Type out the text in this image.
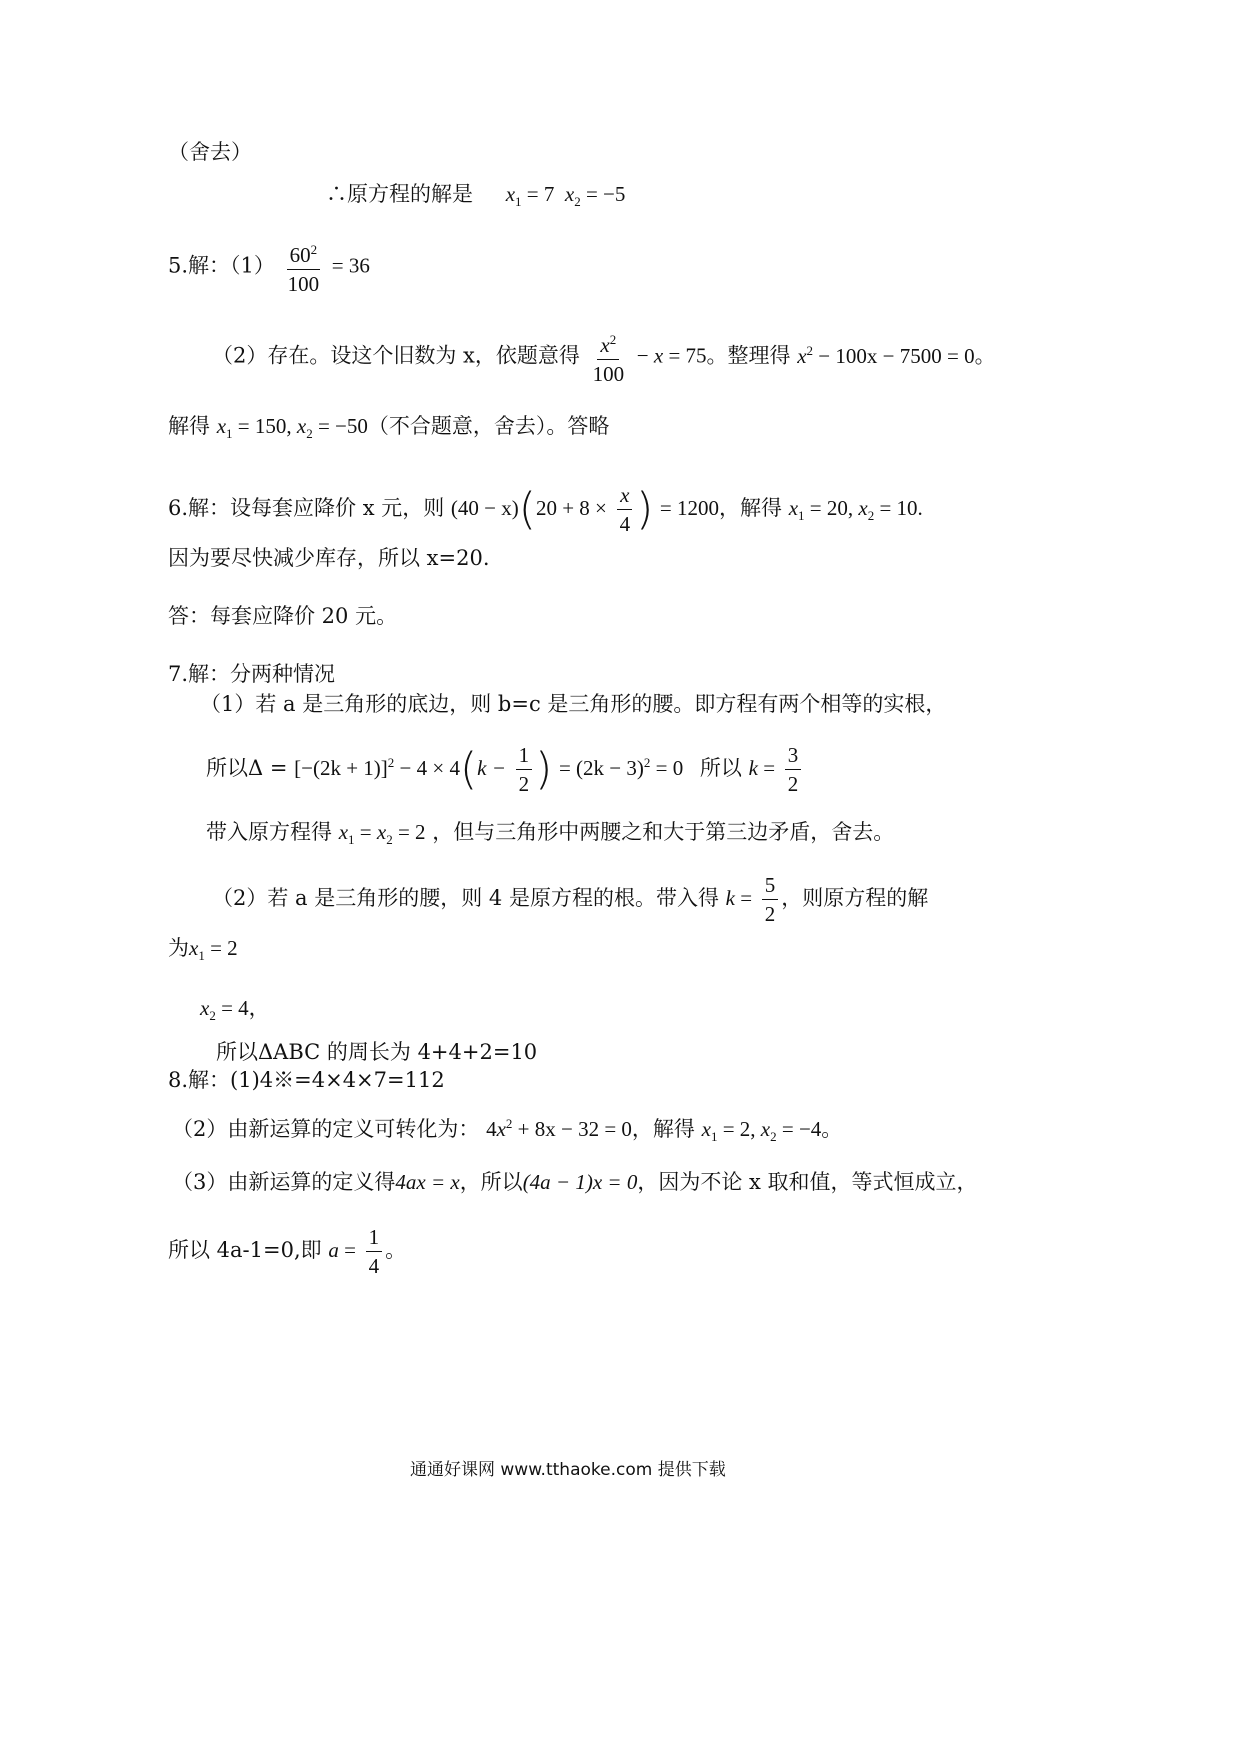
（舍去）
∴原方程的解是 $x_1 = 7$ $x_2 = -5$
5.解：$(1) \frac{60^2}{100} = 36$
（2）存在。设这个旧数为 x，依题意得 $\frac{x^2}{100} - x = 75$。整理得 $x^2 - 100x - 7500 = 0$。
解得 $x_1 = 150$, $x_2 = -50$（不合题意，舍去）。答略
6.解：设每套应降价 x 元，则 $(40 - x)(20 + 8 \times \frac{x}{4}$ ) = 1200，解得 $x_1 = 20$, $x_2 = 10$.
因为要尽快减少库存，所以 x=20.
答：每套应降价 20 元。
7.解：分两种情况
（1）若 a 是三角形的底边，则 b=c 是三角形的腰。即方程有两个相等的实根，
所以$\Delta = [-(2k + 1)]^2 - 4 \times 4(k - \frac{1}{2}$ ) = $(2k - 3)^2 = 0$ 所以 $k = \frac{3}{2}$
带入原方程得 $x_1 = x_2 = 2$ ，但与三角形中两腰之和大于第三边矛盾，舍去。
（2）若 a 是三角形的腰，则 4 是原方程的根。带入得 $k = \frac{5}{2}$ ，则原方程的解
为$x_1 = 2$
$x_2 = 4$，
所以ΔABC 的周长为 4+4+2=10
8.解：(1)4※=4×4×7=112
（2）由新运算的定义可转化为： $4x^2 + 8x - 32 = 0$，解得 $x_1 = 2$, $x_2 = -4$。
（3）由新运算的定义得4ax = x，所以(4a − 1)x = 0，因为不论 x 取和值，等式恒成立，
所以 4a-1=0,即 $a = \frac{1}{4}$ 。
通通好课网 www.tthaoke.com 提供下载
